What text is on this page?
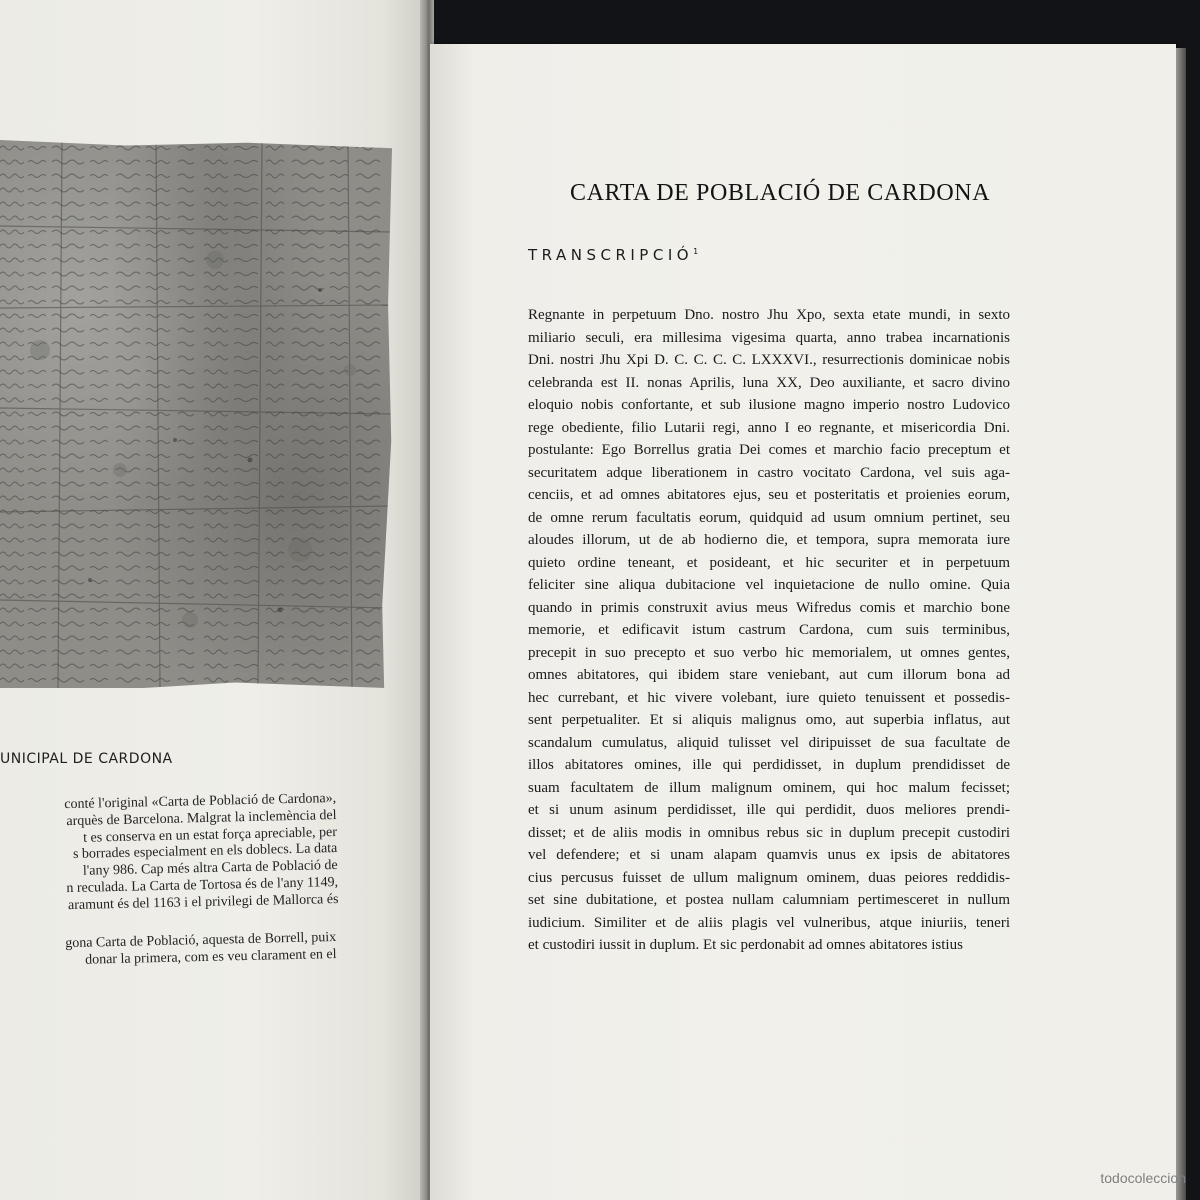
UNICIPAL DE CARDONA
conté l'original «Carta de Població de Cardona»,
arquès de Barcelona. Malgrat la inclemència del
t es conserva en un estat força apreciable, per
s borrades especialment en els doblecs. La data
l'any 986. Cap més altra Carta de Població de
n reculada. La Carta de Tortosa és de l'any 1149,
aramunt és del 1163 i el privilegi de Mallorca és
gona Carta de Població, aquesta de Borrell, puix
donar la primera, com es veu clarament en el
CARTA DE POBLACIÓ DE CARDONA
TRANSCRIPCIÓ$^1$
Regnante in perpetuum Dno. nostro Jhu Xpo, sexta etate mundi, in sexto
miliario seculi, era millesima vigesima quarta, anno trabea incarnationis
Dni. nostri Jhu Xpi D. C. C. C. C. LXXXVI., resurrectionis dominicae nobis
celebranda est II. nonas Aprilis, luna XX, Deo auxiliante, et sacro divino
eloquio nobis confortante, et sub ilusione magno imperio nostro Ludovico
rege obediente, filio Lutarii regi, anno I eo regnante, et misericordia Dni.
postulante: Ego Borrellus gratia Dei comes et marchio facio preceptum et
securitatem adque liberationem in castro vocitato Cardona, vel suis aga-
cenciis, et ad omnes abitatores ejus, seu et posteritatis et proienies eorum,
de omne rerum facultatis eorum, quidquid ad usum omnium pertinet, seu
aloudes illorum, ut de ab hodierno die, et tempora, supra memorata iure
quieto ordine teneant, et posideant, et hic securiter et in perpetuum
feliciter sine aliqua dubitacione vel inquietacione de nullo omine. Quia
quando in primis construxit avius meus Wifredus comis et marchio bone
memorie, et edificavit istum castrum Cardona, cum suis terminibus,
precepit in suo precepto et suo verbo hic memorialem, ut omnes gentes,
omnes abitatores, qui ibidem stare veniebant, aut cum illorum bona ad
hec currebant, et hic vivere volebant, iure quieto tenuissent et possedis-
sent perpetualiter. Et si aliquis malignus omo, aut superbia inflatus, aut
scandalum cumulatus, aliquid tulisset vel diripuisset de sua facultate de
illos abitatores omines, ille qui perdidisset, in duplum prendidisset de
suam facultatem de illum malignum ominem, qui hoc malum fecisset;
et si unum asinum perdidisset, ille qui perdidit, duos meliores prendi-
disset; et de aliis modis in omnibus rebus sic in duplum precepit custodiri
vel defendere; et si unam alapam quamvis unus ex ipsis de abitatores
cius percusus fuisset de ullum malignum ominem, duas peiores reddidis-
set sine dubitatione, et postea nullam calumniam pertimesceret in nullum
iudicium. Similiter et de aliis plagis vel vulneribus, atque iniuriis, teneri
et custodiri iussit in duplum. Et sic perdonabit ad omnes abitatores istius
todocoleccion
